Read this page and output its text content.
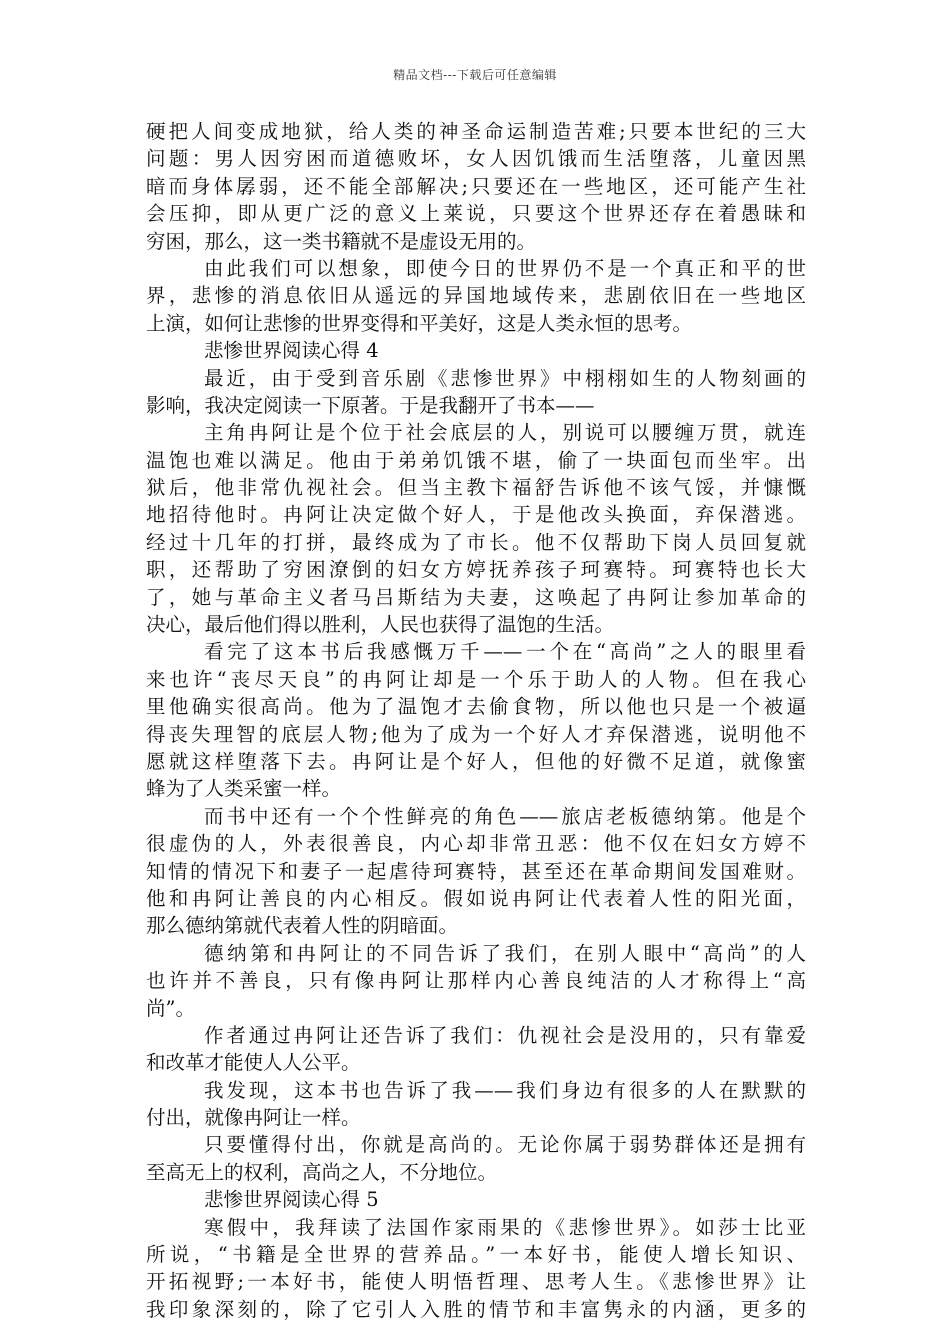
精品文档---下载后可任意编辑
硬把人间变成地狱，给人类的神圣命运制造苦难;只要本世纪的三大
问题：男人因穷困而道德败坏，女人因饥饿而生活堕落，儿童因黑
暗而身体孱弱，还不能全部解决;只要还在一些地区，还可能产生社
会压抑，即从更广泛的意义上莱说，只要这个世界还存在着愚昧和
穷困，那么，这一类书籍就不是虚设无用的。
由此我们可以想象，即使今日的世界仍不是一个真正和平的世
界，悲惨的消息依旧从遥远的异国地域传来，悲剧依旧在一些地区
上演，如何让悲惨的世界变得和平美好，这是人类永恒的思考。
悲惨世界阅读心得 4
最近，由于受到音乐剧《悲惨世界》中栩栩如生的人物刻画的
影响，我决定阅读一下原著。于是我翻开了书本——
主角冉阿让是个位于社会底层的人，别说可以腰缠万贯，就连
温饱也难以满足。他由于弟弟饥饿不堪，偷了一块面包而坐牢。出
狱后，他非常仇视社会。但当主教卞福舒告诉他不该气馁，并慷慨
地招待他时。冉阿让决定做个好人，于是他改头换面，弃保潜逃。
经过十几年的打拼，最终成为了市长。他不仅帮助下岗人员回复就
职，还帮助了穷困潦倒的妇女方婷抚养孩子珂赛特。珂赛特也长大
了，她与革命主义者马吕斯结为夫妻，这唤起了冉阿让参加革命的
决心，最后他们得以胜利，人民也获得了温饱的生活。
看完了这本书后我感慨万千——一个在“高尚”之人的眼里看
来也许“丧尽天良”的冉阿让却是一个乐于助人的人物。但在我心
里他确实很高尚。他为了温饱才去偷食物，所以他也只是一个被逼
得丧失理智的底层人物;他为了成为一个好人才弃保潜逃，说明他不
愿就这样堕落下去。冉阿让是个好人，但他的好微不足道，就像蜜
蜂为了人类采蜜一样。
而书中还有一个个性鲜亮的角色——旅店老板德纳第。他是个
很虚伪的人，外表很善良，内心却非常丑恶：他不仅在妇女方婷不
知情的情况下和妻子一起虐待珂赛特，甚至还在革命期间发国难财。
他和冉阿让善良的内心相反。假如说冉阿让代表着人性的阳光面，
那么德纳第就代表着人性的阴暗面。
德纳第和冉阿让的不同告诉了我们，在别人眼中“高尚”的人
也许并不善良，只有像冉阿让那样内心善良纯洁的人才称得上“高
尚”。
作者通过冉阿让还告诉了我们：仇视社会是没用的，只有靠爱
和改革才能使人人公平。
我发现，这本书也告诉了我——我们身边有很多的人在默默的
付出，就像冉阿让一样。
只要懂得付出，你就是高尚的。无论你属于弱势群体还是拥有
至高无上的权利，高尚之人，不分地位。
悲惨世界阅读心得 5
寒假中，我拜读了法国作家雨果的《悲惨世界》。如莎士比亚
所说，“书籍是全世界的营养品。”一本好书，能使人增长知识、
开拓视野;一本好书，能使人明悟哲理、思考人生。《悲惨世界》让
我印象深刻的，除了它引人入胜的情节和丰富隽永的内涵，更多的
